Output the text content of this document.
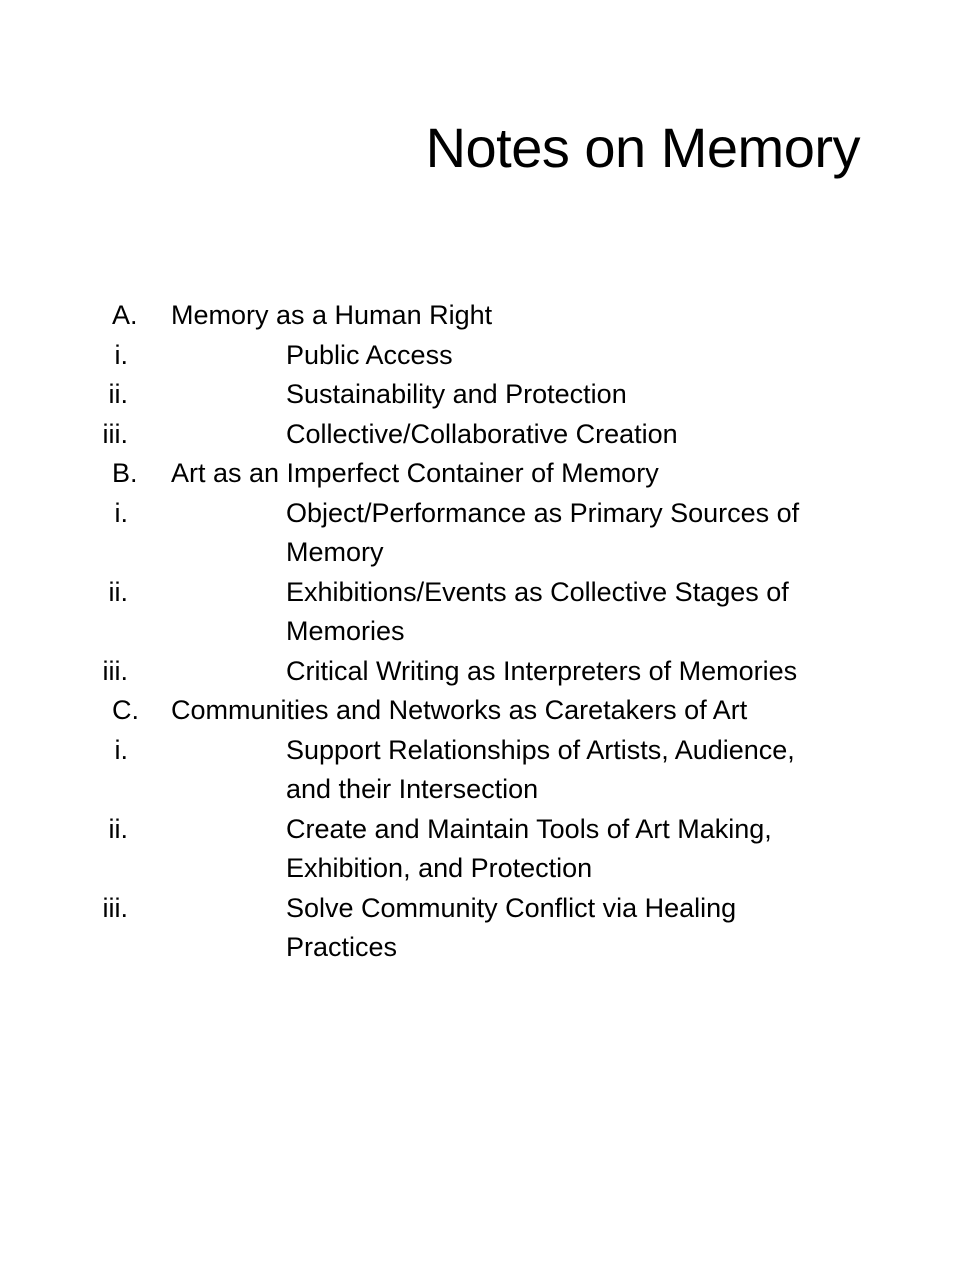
Notes on Memory
A. Memory as a Human Right
i.	Public Access
ii.	Sustainability and Protection
iii.	Collective/Collaborative Creation
B. Art as an Imperfect Container of Memory
i.	Object/Performance as Primary Sources of Memory
ii.	Exhibitions/Events as Collective Stages of Memories
iii.	Critical Writing as Interpreters of Memories
C. Communities and Networks as Caretakers of Art
i.	Support Relationships of Artists, Audience, and their Intersection
ii.	Create and Maintain Tools of Art Making, Exhibition, and Protection
iii.	Solve Community Conflict via Healing Practices
